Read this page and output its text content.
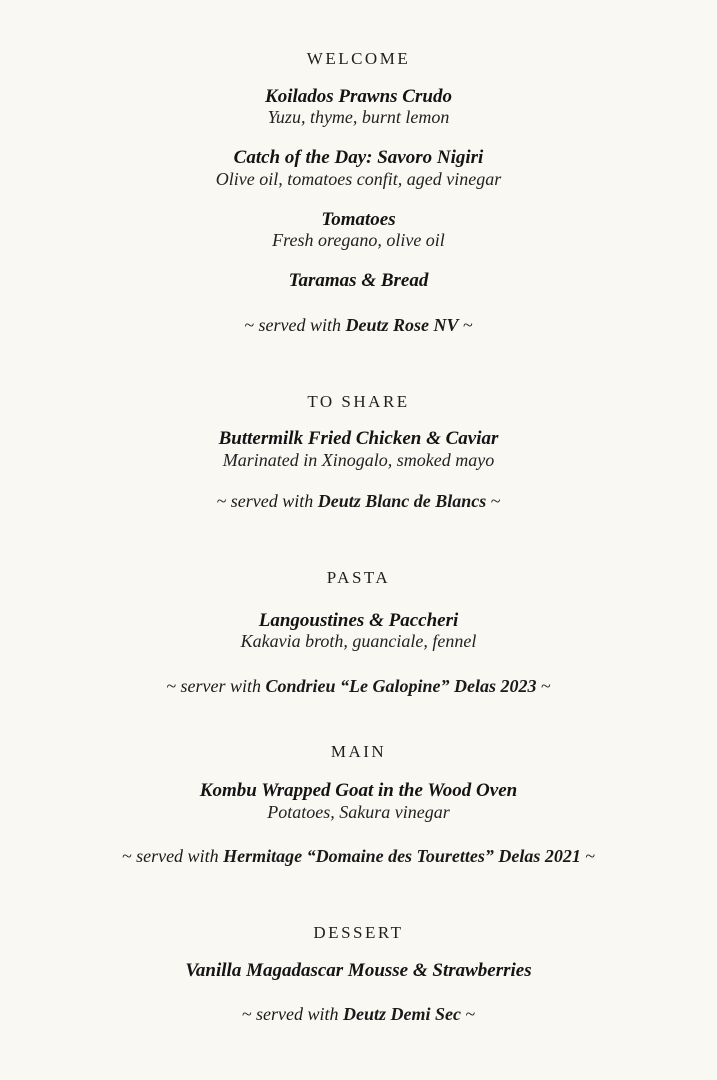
WELCOME
Koilados Prawns Crudo
Yuzu, thyme, burnt lemon
Catch of the Day: Savoro Nigiri
Olive oil, tomatoes confit, aged vinegar
Tomatoes
Fresh oregano, olive oil
Taramas & Bread
~ served with Deutz Rose NV ~
TO SHARE
Buttermilk Fried Chicken & Caviar
Marinated in Xinogalo, smoked mayo
~ served with Deutz Blanc de Blancs ~
PASTA
Langoustines & Paccheri
Kakavia broth, guanciale, fennel
~ server with Condrieu “Le Galopine” Delas 2023 ~
MAIN
Kombu Wrapped Goat in the Wood Oven
Potatoes, Sakura vinegar
~ served with Hermitage “Domaine des Tourettes” Delas 2021 ~
DESSERT
Vanilla Magadascar Mousse & Strawberries
~ served with Deutz Demi Sec ~
